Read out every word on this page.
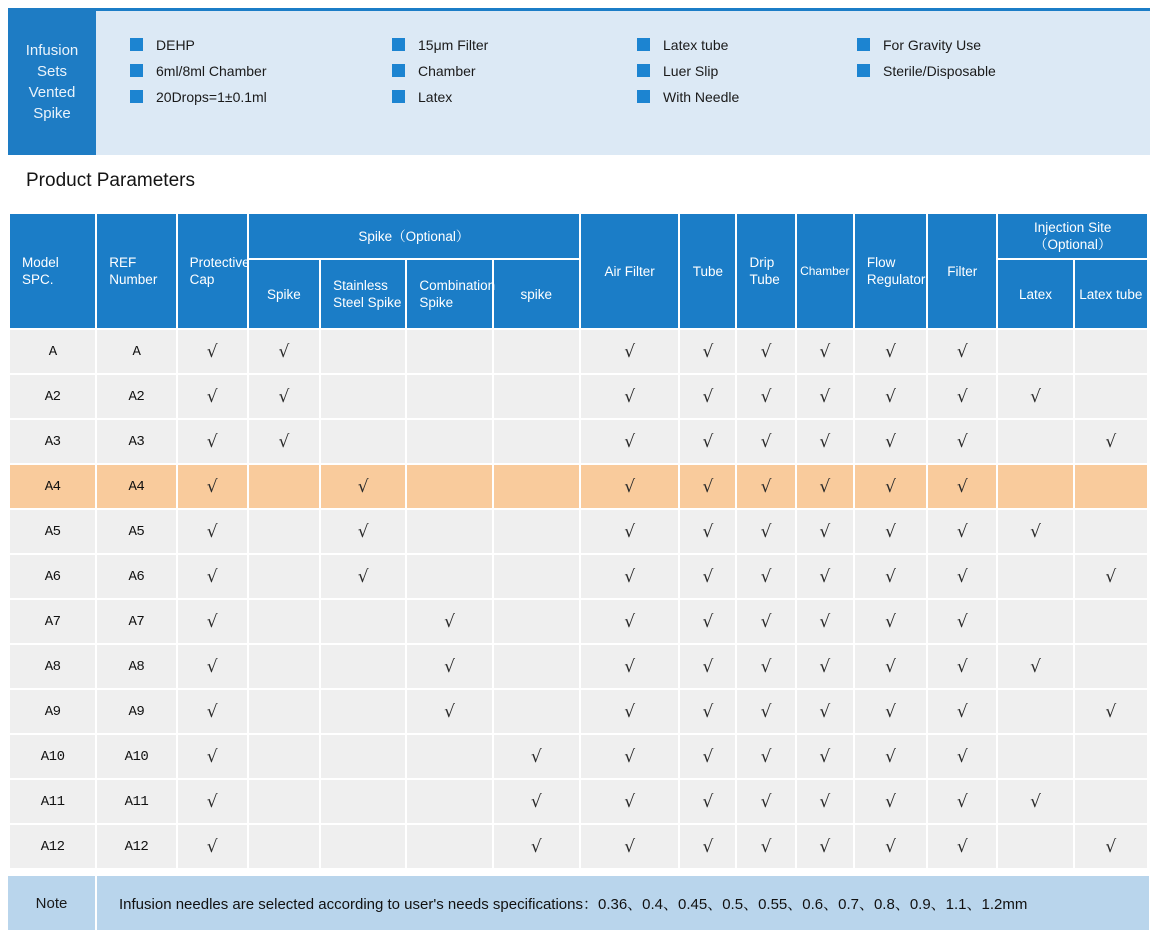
Infusion
Sets
Vented
Spike
DEHP
6ml/8ml Chamber
20Drops=1±0.1ml
15μm Filter
Chamber
Latex
Latex tube
Luer Slip
With Needle
For Gravity Use
Sterile/Disposable
Product Parameters
Model SPC.	REF Number	Protective Cap	Spike（Optional）				Air Filter	Tube	Drip Tube	Chamber	Flow Regulator	Filter	Injection Site（Optional）	
			Spike	Stainless Steel Spike	Combination Spike	spike							Latex	Latex tube
A	A	√	√				√	√	√	√	√	√		
A2	A2	√	√				√	√	√	√	√	√	√	
A3	A3	√	√				√	√	√	√	√	√		√
A4	A4	√		√			√	√	√	√	√	√		
A5	A5	√		√			√	√	√	√	√	√	√	
A6	A6	√		√			√	√	√	√	√	√		√
A7	A7	√			√		√	√	√	√	√	√		
A8	A8	√			√		√	√	√	√	√	√	√	
A9	A9	√			√		√	√	√	√	√	√		√
A10	A10	√				√	√	√	√	√	√	√		
A11	A11	√				√	√	√	√	√	√	√	√	
A12	A12	√				√	√	√	√	√	√	√		√
Note	Infusion needles are selected according to user's needs specifications：0.36、0.4、0.45、0.5、0.55、0.6、0.7、0.8、0.9、1.1、1.2mm
